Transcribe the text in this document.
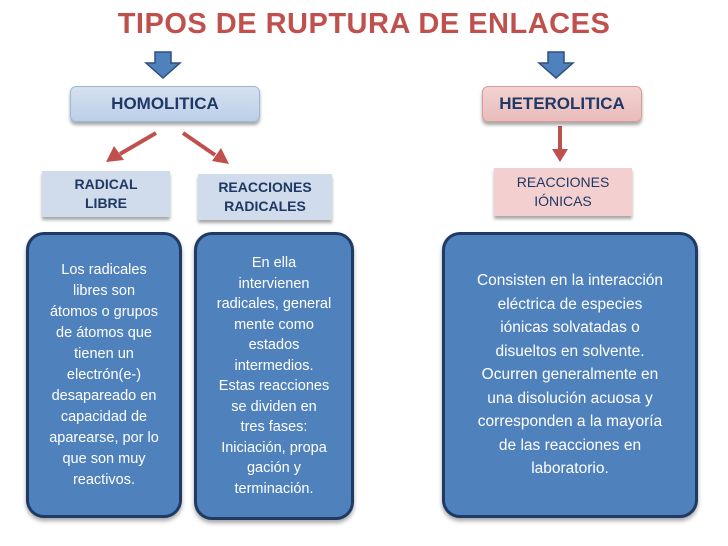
TIPOS DE RUPTURA DE ENLACES
HOMOLITICA	HETEROLITICA
RADICAL
LIBRE
REACCIONES
RADICALES
REACCIONES
IÓNICAS
Los radicales
libres son
átomos o grupos
de átomos que
tienen un
electrón(e-)
desapareado en
capacidad de
aparearse, por lo
que son muy
reactivos.
En ella
intervienen
radicales, general
mente como
estados
intermedios.
Estas reacciones
se dividen en
tres fases:
Iniciación, propa
gación y
terminación.
Consisten en la interacción
eléctrica de especies
iónicas solvatadas o
disueltos en solvente.
Ocurren generalmente en
una disolución acuosa y
corresponden a la mayoría
de las reacciones en
laboratorio.
